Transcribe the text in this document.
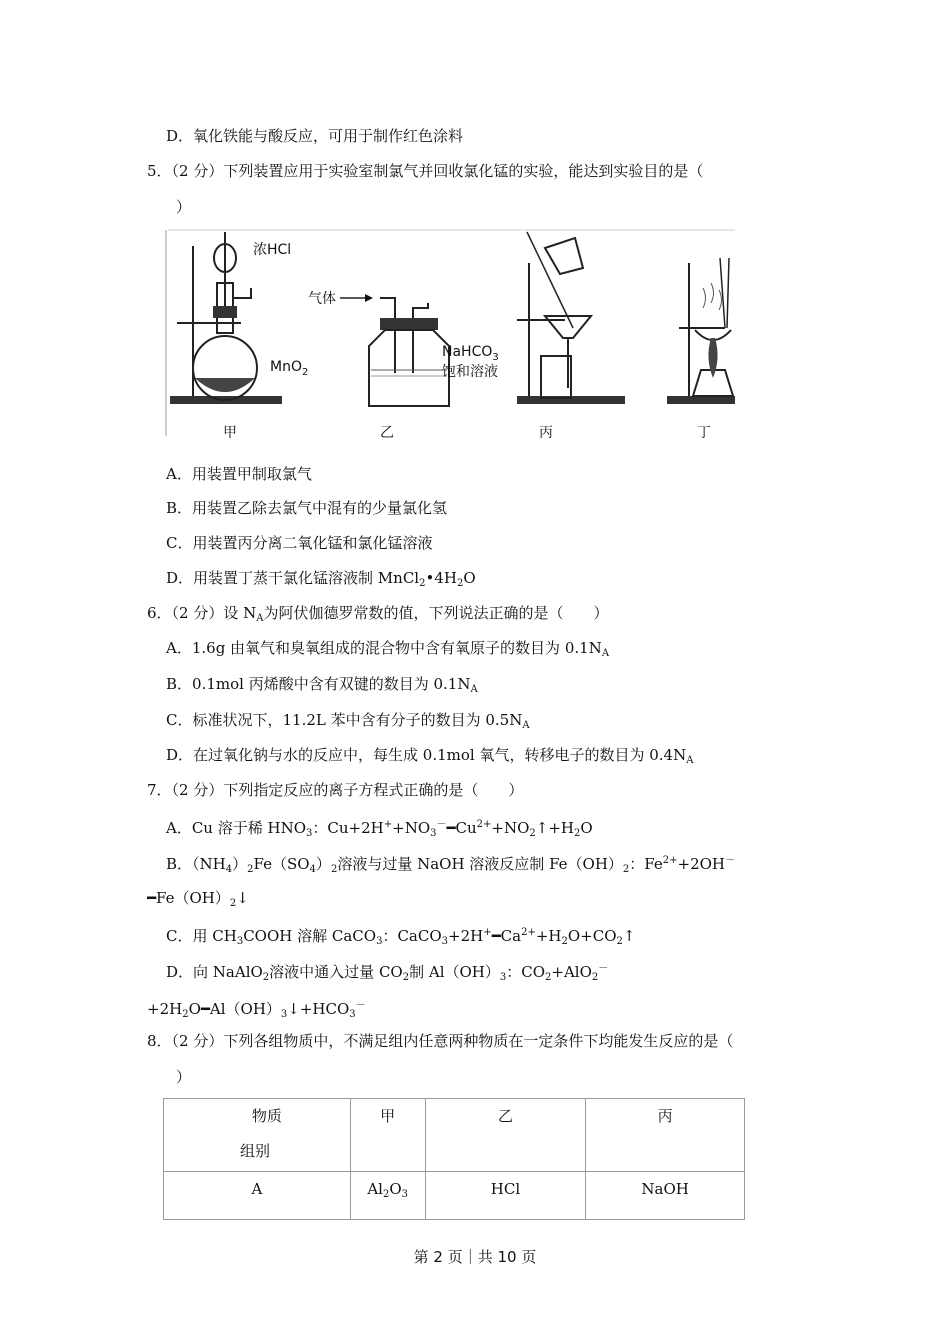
D．氧化铁能与酸反应，可用于制作红色涂料
5．（2 分）下列装置应用于实验室制氯气并回收氯化锰的实验，能达到实验目的是（
）
浓HCl
MnO$_2$
气体
NaHCO$_3$
饱和溶液
甲	乙	丙	丁
A．用装置甲制取氯气
B．用装置乙除去氯气中混有的少量氯化氢
C．用装置丙分离二氧化锰和氯化锰溶液
D．用装置丁蒸干氯化锰溶液制 $MnCl_2•4H_2O$
6．（2 分）设 $N_A$为阿伏伽德罗常数的值，下列说法正确的是（　　）
A．1.6g 由氧气和臭氧组成的混合物中含有氧原子的数目为 $0.1N_A$
B．0.1mol 丙烯酸中含有双键的数目为 $0.1N_A$
C．标准状况下，11.2L 苯中含有分子的数目为 $0.5N_A$
D．在过氧化钠与水的反应中，每生成 0.1mol 氧气，转移电子的数目为 $0.4N_A$
7．（2 分）下列指定反应的离子方程式正确的是（　　）
A．Cu 溶于稀 $HNO_3$：$Cu+2H^++NO_3^-━Cu^{2+}+NO_2↑+H_2O$
B．$(NH_4)_2Fe(SO_4)_2$溶液与过量 NaOH 溶液反应制 $Fe(OH)_2$：$Fe^{2+}+2OH^-$
$━Fe(OH)_2↓$
C．用 $CH_3COOH$ 溶解 CaCO$_3$：$CaCO_3+2H^+━Ca^{2+}+H_2O+CO_2↑$
D．向 NaAlO$_2$溶液中通入过量 $CO_2$制 $Al(OH)_3$：$CO_2+AlO_2^-$
$+2H_2O━Al(OH)_3↓+HCO_3^-$
8．（2 分）下列各组物质中，不满足组内任意两种物质在一定条件下均能发生反应的是（
）
物质
组别	甲	乙	丙
A	$Al_2O_3$	HCl	NaOH
第 2 页｜共 10 页
